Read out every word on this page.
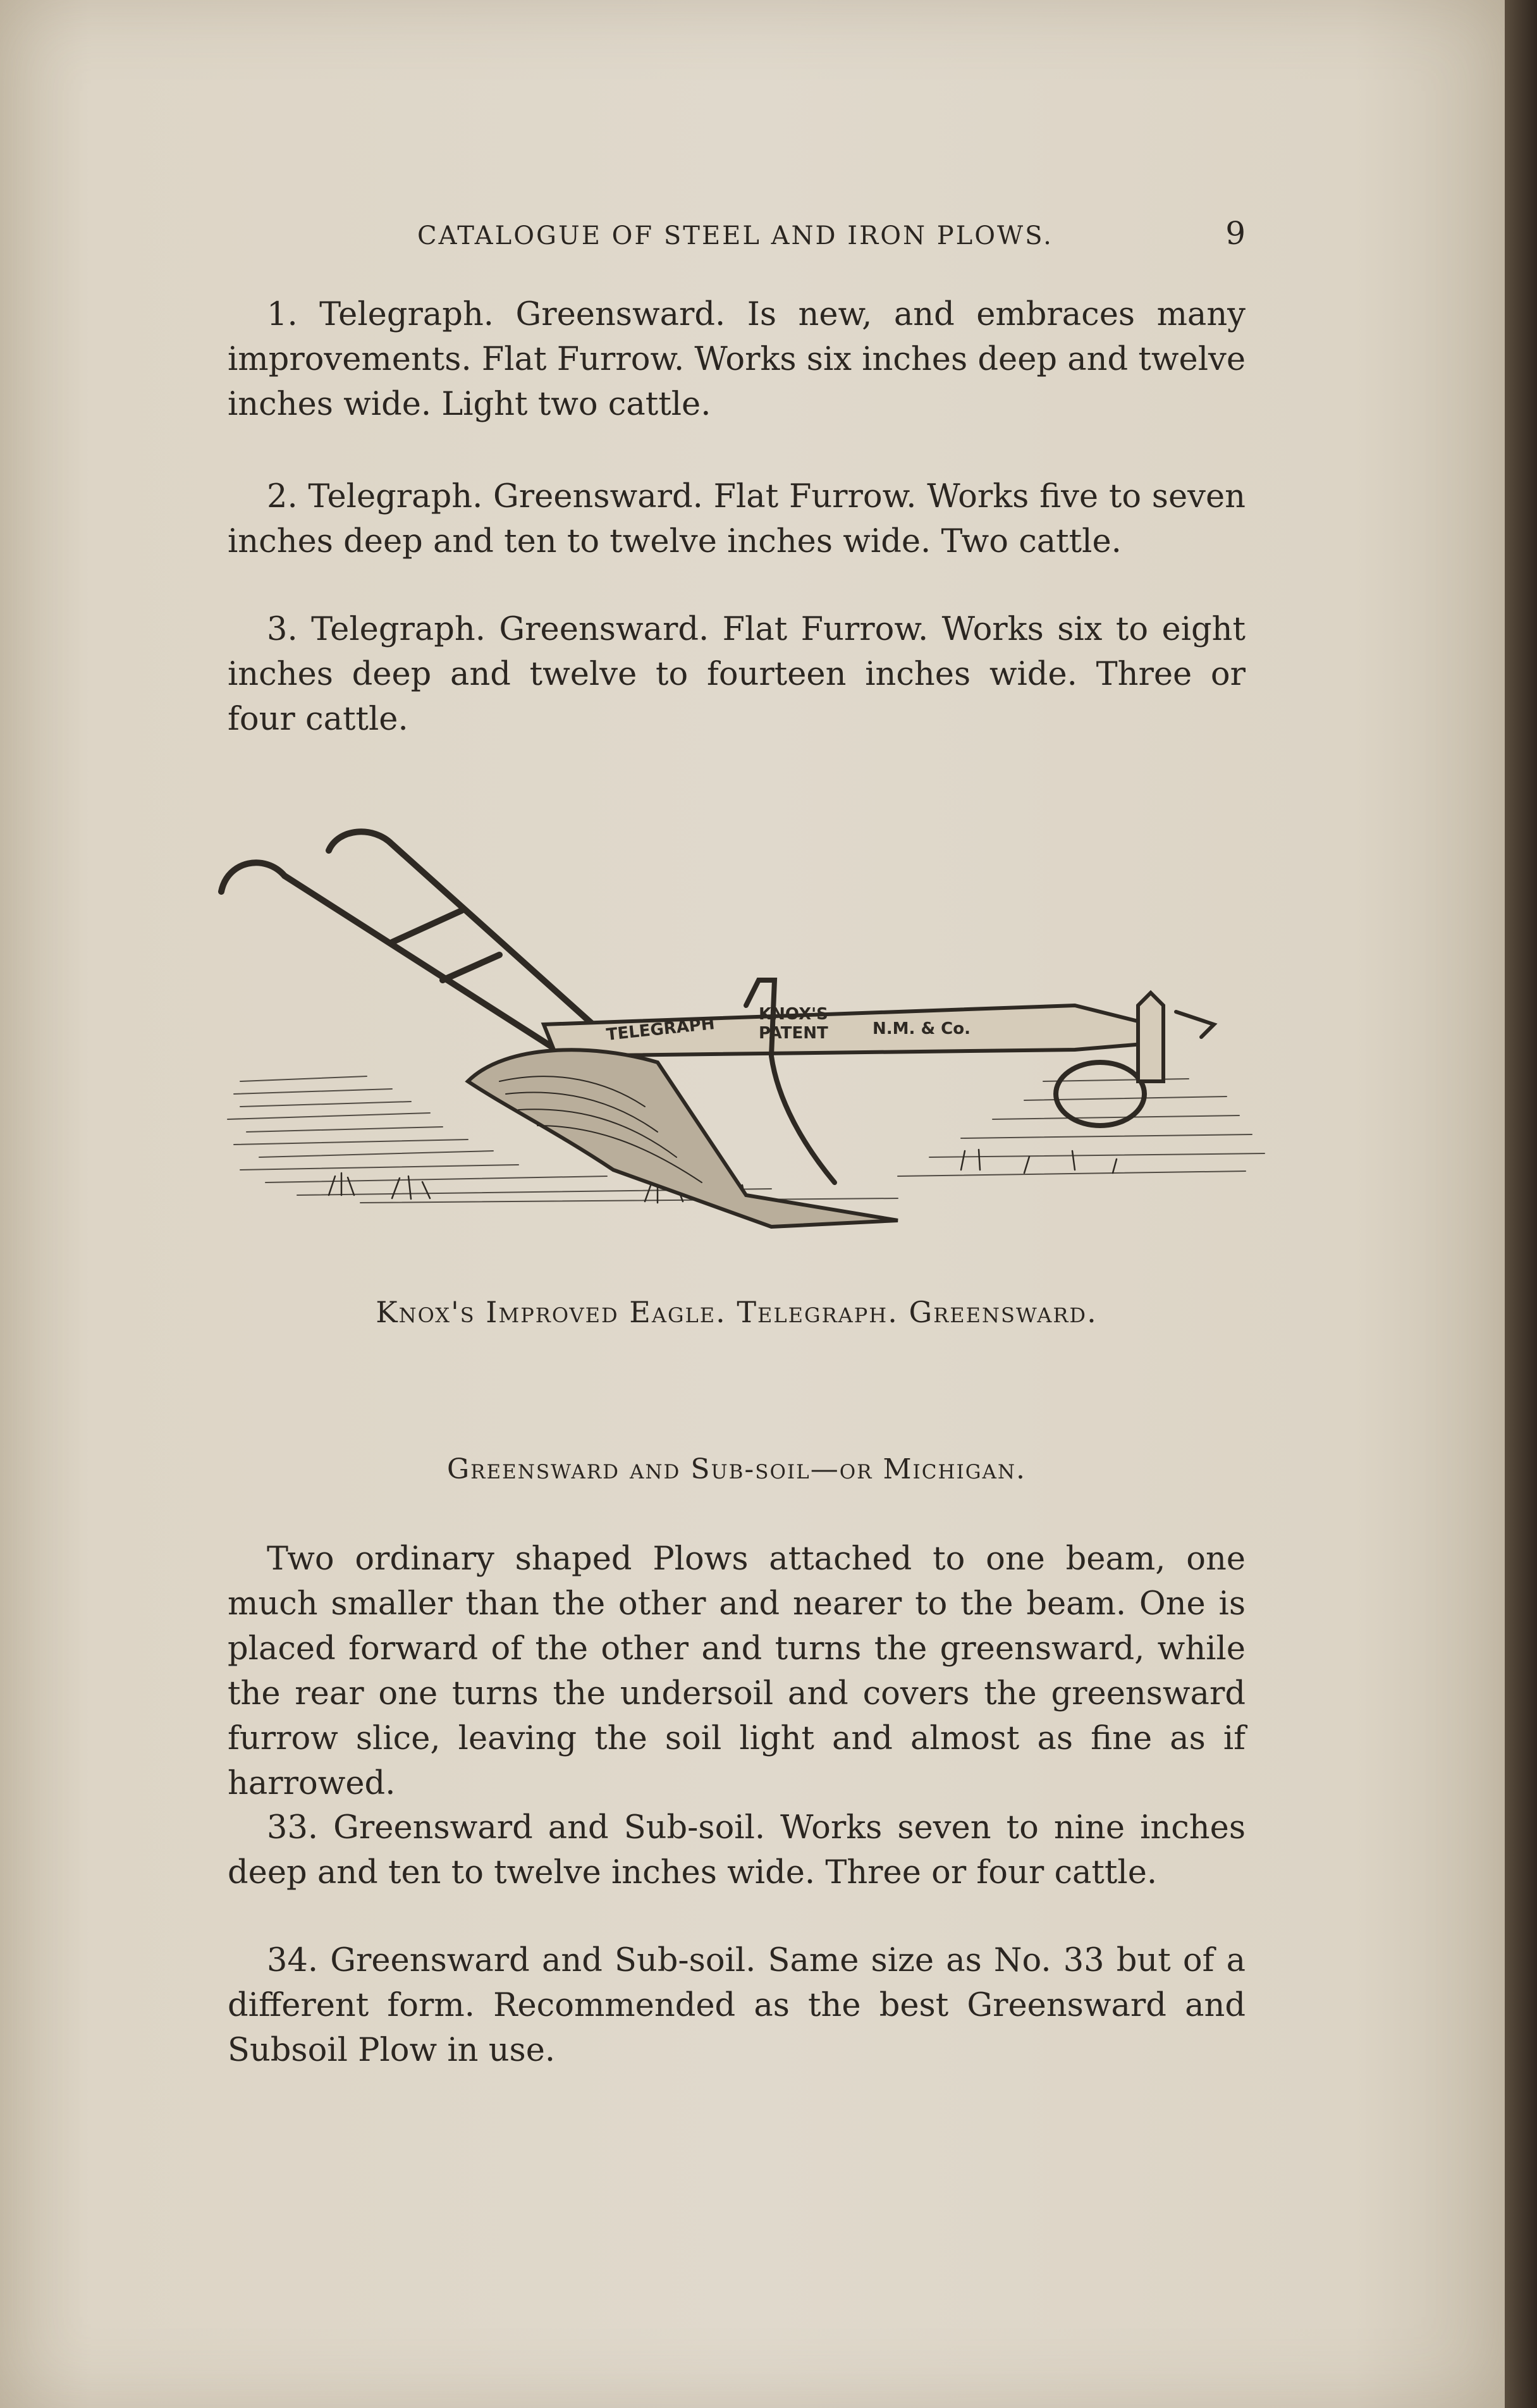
CATALOGUE OF STEEL AND IRON PLOWS.	9

1. Telegraph. Greensward. Is new, and embraces many improvements. Flat Furrow. Works six inches deep and twelve inches wide. Light two cattle.

2. Telegraph. Greensward. Flat Furrow. Works five to seven inches deep and ten to twelve inches wide. Two cattle.

3. Telegraph. Greensward. Flat Furrow. Works six to eight inches deep and twelve to fourteen inches wide. Three or four cattle.

TELEGRAPH
KNOX'S
PATENT	N.M. & Co.

Knox's Improved Eagle. Telegraph. Greensward.

Greensward and Sub-soil—or Michigan.

Two ordinary shaped Plows attached to one beam, one much smaller than the other and nearer to the beam. One is placed forward of the other and turns the greensward, while the rear one turns the undersoil and covers the greensward furrow slice, leaving the soil light and almost as fine as if harrowed.

33. Greensward and Sub-soil. Works seven to nine inches deep and ten to twelve inches wide. Three or four cattle.

34. Greensward and Sub-soil. Same size as No. 33 but of a different form. Recommended as the best Greensward and Subsoil Plow in use.
